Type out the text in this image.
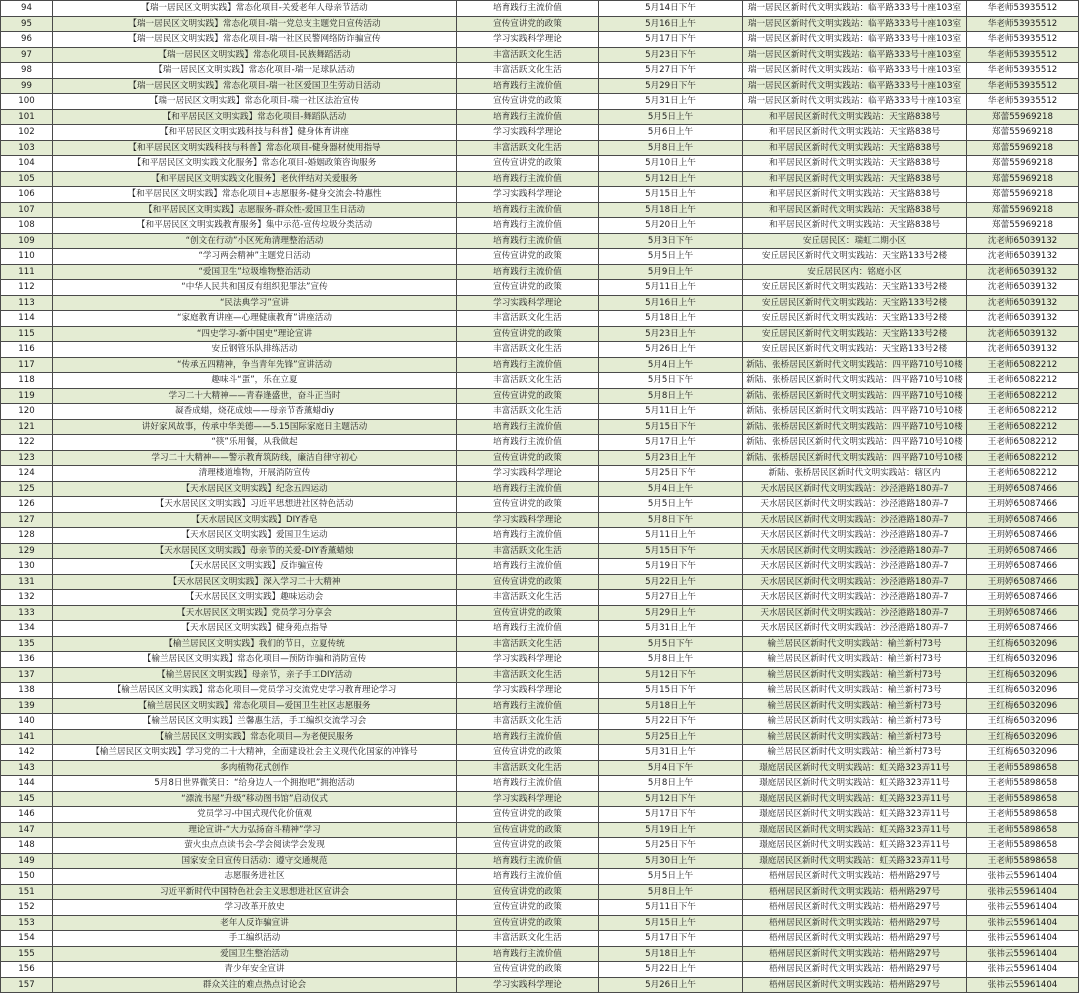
94	【瑞一居民区文明实践】常态化项目-关爱老年人母亲节活动	培育践行主流价值	5月14日下午	瑞一居民区新时代文明实践站：临平路333号十座103室	华老师53935512
95	【瑞一居民区文明实践】常态化项目-瑞一党总支主题党日宣传活动	宣传宣讲党的政策	5月16日上午	瑞一居民区新时代文明实践站：临平路333号十座103室	华老师53935512
96	【瑞一居民区文明实践】常态化项目-瑞一社区民警网络防诈骗宣传	学习实践科学理论	5月17日下午	瑞一居民区新时代文明实践站：临平路333号十座103室	华老师53935512
97	【瑞一居民区文明实践】常态化项目-民族舞蹈活动	丰富活跃文化生活	5月23日下午	瑞一居民区新时代文明实践站：临平路333号十座103室	华老师53935512
98	【瑞一居民区文明实践】常态化项目-瑞一足球队活动	丰富活跃文化生活	5月27日下午	瑞一居民区新时代文明实践站：临平路333号十座103室	华老师53935512
99	【瑞一居民区文明实践】常态化项目-瑞一社区爱国卫生劳动日活动	培育践行主流价值	5月29日下午	瑞一居民区新时代文明实践站：临平路333号十座103室	华老师53935512
100	【瑞一居民区文明实践】常态化项目-瑞一社区法治宣传	宣传宣讲党的政策	5月31日上午	瑞一居民区新时代文明实践站：临平路333号十座103室	华老师53935512
101	【和平居民区文明实践】常态化项目-舞蹈队活动	培育践行主流价值	5月5日上午	和平居民区新时代文明实践站：天宝路838号	郑蕾55969218
102	【和平居民区文明实践科技与科普】健身体育讲座	学习实践科学理论	5月6日上午	和平居民区新时代文明实践站：天宝路838号	郑蕾55969218
103	【和平居民区文明实践科技与科普】常态化项目-健身器材使用指导	丰富活跃文化生活	5月8日上午	和平居民区新时代文明实践站：天宝路838号	郑蕾55969218
104	【和平居民区文明实践文化服务】常态化项目-婚姻政策咨询服务	宣传宣讲党的政策	5月10日上午	和平居民区新时代文明实践站：天宝路838号	郑蕾55969218
105	【和平居民区文明实践文化服务】老伙伴结对关爱服务	培育践行主流价值	5月12日上午	和平居民区新时代文明实践站：天宝路838号	郑蕾55969218
106	【和平居民区文明实践】常态化项目+志愿服务-健身交流会-特惠性	学习实践科学理论	5月15日上午	和平居民区新时代文明实践站：天宝路838号	郑蕾55969218
107	【和平居民区文明实践】志愿服务-群众性-爱国卫生日活动	培育践行主流价值	5月18日上午	和平居民区新时代文明实践站：天宝路838号	郑蕾55969218
108	【和平居民区文明实践教育服务】集中示范-宣传垃圾分类活动	培育践行主流价值	5月20日上午	和平居民区新时代文明实践站：天宝路838号	郑蕾55969218
109	“创文在行动”小区死角清理整治活动	培育践行主流价值	5月3日下午	安丘居民区：瑞虹二期小区	沈老师65039132
110	“学习两会精神”主题党日活动	宣传宣讲党的政策	5月5日上午	安丘居民区新时代文明实践站：天宝路133号2楼	沈老师65039132
111	“爱国卫生”垃圾堆物整治活动	培育践行主流价值	5月9日上午	安丘居民区内：铭庭小区	沈老师65039132
112	“中华人民共和国反有组织犯罪法”宣传	宣传宣讲党的政策	5月11日上午	安丘居民区新时代文明实践站：天宝路133号2楼	沈老师65039132
113	“民法典学习”宣讲	学习实践科学理论	5月16日上午	安丘居民区新时代文明实践站：天宝路133号2楼	沈老师65039132
114	“家庭教育讲座—心理健康教育”讲座活动	丰富活跃文化生活	5月18日上午	安丘居民区新时代文明实践站：天宝路133号2楼	沈老师65039132
115	“四史学习-新中国史”理论宣讲	宣传宣讲党的政策	5月23日上午	安丘居民区新时代文明实践站：天宝路133号2楼	沈老师65039132
116	安丘钢管乐队排练活动	丰富活跃文化生活	5月26日上午	安丘居民区新时代文明实践站：天宝路133号2楼	沈老师65039132
117	“传承五四精神，争当青年先锋”宣讲活动	培育践行主流价值	5月4日上午	新陆、张桥居民区新时代文明实践站：四平路710号10楼	王老师65082212
118	趣味斗“蛋”，乐在立夏	丰富活跃文化生活	5月5日下午	新陆、张桥居民区新时代文明实践站：四平路710号10楼	王老师65082212
119	学习二十大精神——青春逢盛世，奋斗正当时	宣传宣讲党的政策	5月8日上午	新陆、张桥居民区新时代文明实践站：四平路710号10楼	王老师65082212
120	凝香成蜡，烧花成烛——母亲节香薰蜡diy	丰富活跃文化生活	5月11日上午	新陆、张桥居民区新时代文明实践站：四平路710号10楼	王老师65082212
121	讲好家风故事，传承中华美德——5.15国际家庭日主题活动	培育践行主流价值	5月15日下午	新陆、张桥居民区新时代文明实践站：四平路710号10楼	王老师65082212
122	“筷”乐用餐，从我做起	培育践行主流价值	5月17日上午	新陆、张桥居民区新时代文明实践站：四平路710号10楼	王老师65082212
123	学习二十大精神——警示教育筑防线，廉洁自律守初心	宣传宣讲党的政策	5月23日上午	新陆、张桥居民区新时代文明实践站：四平路710号10楼	王老师65082212
124	清理楼道堆物，开展消防宣传	学习实践科学理论	5月25日下午	新陆、张桥居民区新时代文明实践站：辖区内	王老师65082212
125	【天水居民区文明实践】纪念五四运动	培育践行主流价值	5月4日上午	天水居民区新时代文明实践站：沙泾港路180弄-7	王玥婷65087466
126	【天水居民区文明实践】习近平思想进社区特色活动	宣传宣讲党的政策	5月5日上午	天水居民区新时代文明实践站：沙泾港路180弄-7	王玥婷65087466
127	【天水居民区文明实践】DIY香皂	学习实践科学理论	5月8日下午	天水居民区新时代文明实践站：沙泾港路180弄-7	王玥婷65087466
128	【天水居民区文明实践】爱国卫生运动	培育践行主流价值	5月11日上午	天水居民区新时代文明实践站：沙泾港路180弄-7	王玥婷65087466
129	【天水居民区文明实践】母亲节的关爱-DIY香薰蜡烛	丰富活跃文化生活	5月15日下午	天水居民区新时代文明实践站：沙泾港路180弄-7	王玥婷65087466
130	【天水居民区文明实践】反诈骗宣传	培育践行主流价值	5月19日下午	天水居民区新时代文明实践站：沙泾港路180弄-7	王玥婷65087466
131	【天水居民区文明实践】深入学习二十大精神	宣传宣讲党的政策	5月22日上午	天水居民区新时代文明实践站：沙泾港路180弄-7	王玥婷65087466
132	【天水居民区文明实践】趣味运动会	丰富活跃文化生活	5月27日上午	天水居民区新时代文明实践站：沙泾港路180弄-7	王玥婷65087466
133	【天水居民区文明实践】党员学习分享会	宣传宣讲党的政策	5月29日上午	天水居民区新时代文明实践站：沙泾港路180弄-7	王玥婷65087466
134	【天水居民区文明实践】健身苑点指导	培育践行主流价值	5月31日上午	天水居民区新时代文明实践站：沙泾港路180弄-7	王玥婷65087466
135	【榆兰居民区文明实践】我们的节日，立夏传统	丰富活跃文化生活	5月5日下午	榆兰居民区新时代文明实践站：榆兰新村73号	王红梅65032096
136	【榆兰居民区文明实践】常态化项目—预防诈骗和消防宣传	学习实践科学理论	5月8日上午	榆兰居民区新时代文明实践站：榆兰新村73号	王红梅65032096
137	【榆兰居民区文明实践】母亲节，亲子手工DIY活动	丰富活跃文化生活	5月12日下午	榆兰居民区新时代文明实践站：榆兰新村73号	王红梅65032096
138	【榆兰居民区文明实践】常态化项目—党员学习交流党史学习教育理论学习	学习实践科学理论	5月15日下午	榆兰居民区新时代文明实践站：榆兰新村73号	王红梅65032096
139	【榆兰居民区文明实践】常态化项目—爱国卫生社区志愿服务	培育践行主流价值	5月18日上午	榆兰居民区新时代文明实践站：榆兰新村73号	王红梅65032096
140	【榆兰居民区文明实践】兰馨惠生活，手工编织交流学习会	丰富活跃文化生活	5月22日下午	榆兰居民区新时代文明实践站：榆兰新村73号	王红梅65032096
141	【榆兰居民区文明实践】常态化项目—为老便民服务	培育践行主流价值	5月25日上午	榆兰居民区新时代文明实践站：榆兰新村73号	王红梅65032096
142	【榆兰居民区文明实践】学习党的二十大精神，全面建设社会主义现代化国家的冲锋号	宣传宣讲党的政策	5月31日上午	榆兰居民区新时代文明实践站：榆兰新村73号	王红梅65032096
143	多肉植物花式创作	丰富活跃文化生活	5月4日下午	璟庭居民区新时代文明实践站：虹关路323弄11号	王老师55898658
144	5月8日世界微笑日：“给身边人一个拥抱吧”拥抱活动	培育践行主流价值	5月8日上午	璟庭居民区新时代文明实践站：虹关路323弄11号	王老师55898658
145	“漂流书屋”升级“移动图书馆”启动仪式	学习实践科学理论	5月12日下午	璟庭居民区新时代文明实践站：虹关路323弄11号	王老师55898658
146	党员学习-中国式现代化价值观	宣传宣讲党的政策	5月17日下午	璟庭居民区新时代文明实践站：虹关路323弄11号	王老师55898658
147	理论宣讲-“大力弘扬奋斗精神”学习	宣传宣讲党的政策	5月19日上午	璟庭居民区新时代文明实践站：虹关路323弄11号	王老师55898658
148	萤火虫点点读书会-学会阅读学会发现	宣传宣讲党的政策	5月25日下午	璟庭居民区新时代文明实践站：虹关路323弄11号	王老师55898658
149	国家安全日宣传日活动：遵守交通规范	培育践行主流价值	5月30日上午	璟庭居民区新时代文明实践站：虹关路323弄11号	王老师55898658
150	志愿服务进社区	培育践行主流价值	5月5日上午	梧州居民区新时代文明实践站：梧州路297号	张祎云55961404
151	习近平新时代中国特色社会主义思想进社区宣讲会	宣传宣讲党的政策	5月8日上午	梧州居民区新时代文明实践站：梧州路297号	张祎云55961404
152	学习改革开放史	宣传宣讲党的政策	5月11日下午	梧州居民区新时代文明实践站：梧州路297号	张祎云55961404
153	老年人反诈骗宣讲	宣传宣讲党的政策	5月15日上午	梧州居民区新时代文明实践站：梧州路297号	张祎云55961404
154	手工编织活动	丰富活跃文化生活	5月17日下午	梧州居民区新时代文明实践站：梧州路297号	张祎云55961404
155	爱国卫生整治活动	培育践行主流价值	5月18日上午	梧州居民区新时代文明实践站：梧州路297号	张祎云55961404
156	青少年安全宣讲	宣传宣讲党的政策	5月22日上午	梧州居民区新时代文明实践站：梧州路297号	张祎云55961404
157	群众关注的难点热点讨论会	学习实践科学理论	5月26日上午	梧州居民区新时代文明实践站：梧州路297号	张祎云55961404
